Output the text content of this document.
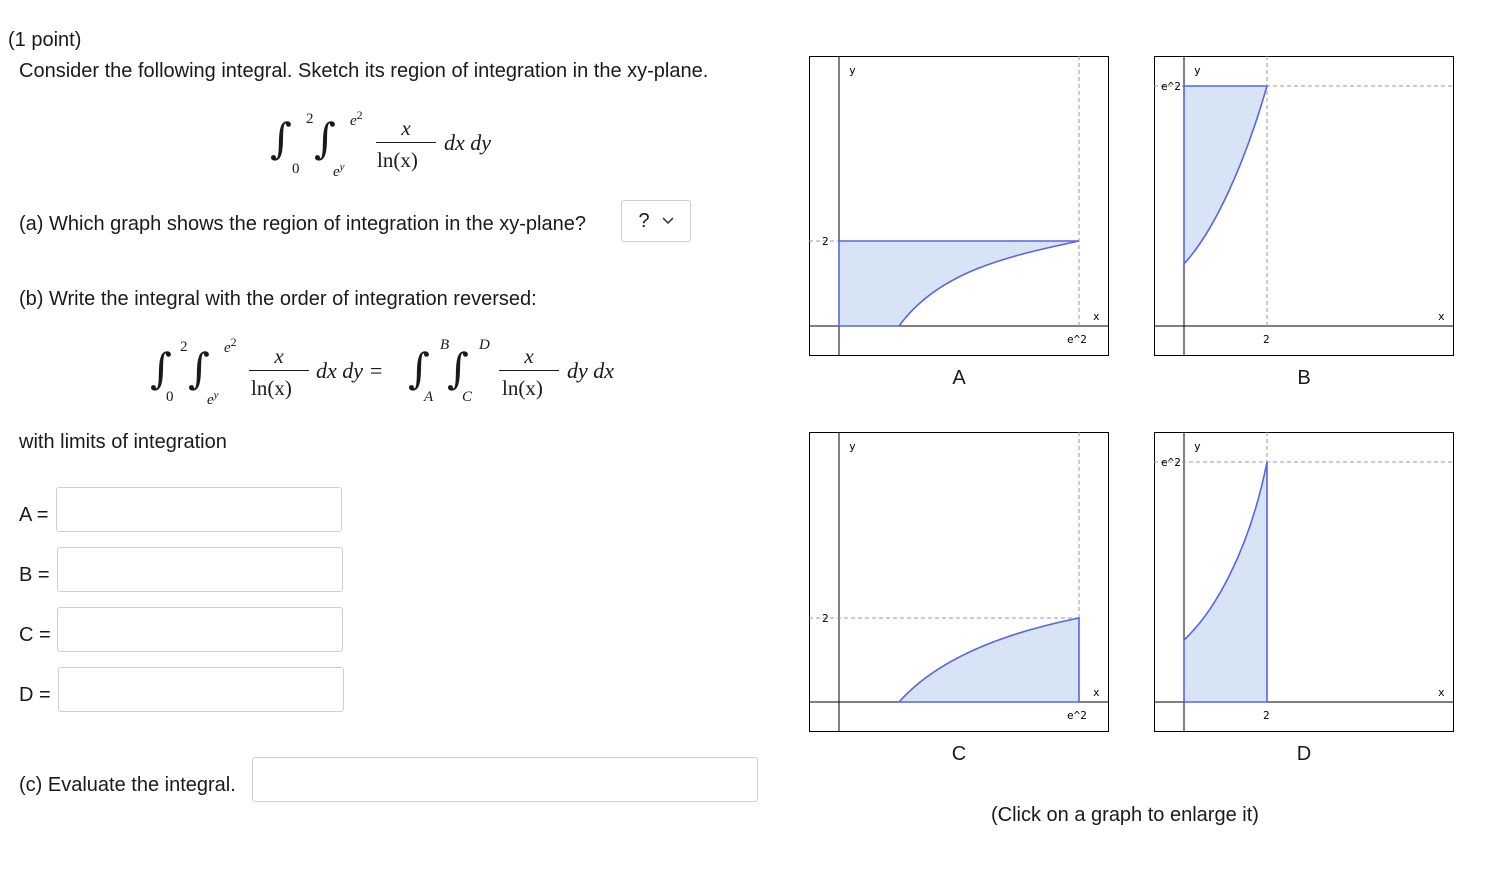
(1 point)
Consider the following integral. Sketch its region of integration in the xy-plane.
∫ 2
0
∫ $e^2$
$e^y$
x
ln(x)
dx dy
(a) Which graph shows the region of integration in the xy-plane?	?
(b) Write the integral with the order of integration reversed:
∫ 2
0
∫ $e^2$
$e^y$
x
ln(x)
dx dy = ∫ B
A
∫ D
C
x
ln(x)
dy dx
with limits of integration
A =
B =
C =
D =
(c) Evaluate the integral.
y
x
e^2
2
A
y
x
2
e^2
B
y
x
e^2
2
C
y
x
2
e^2
D
(Click on a graph to enlarge it)
